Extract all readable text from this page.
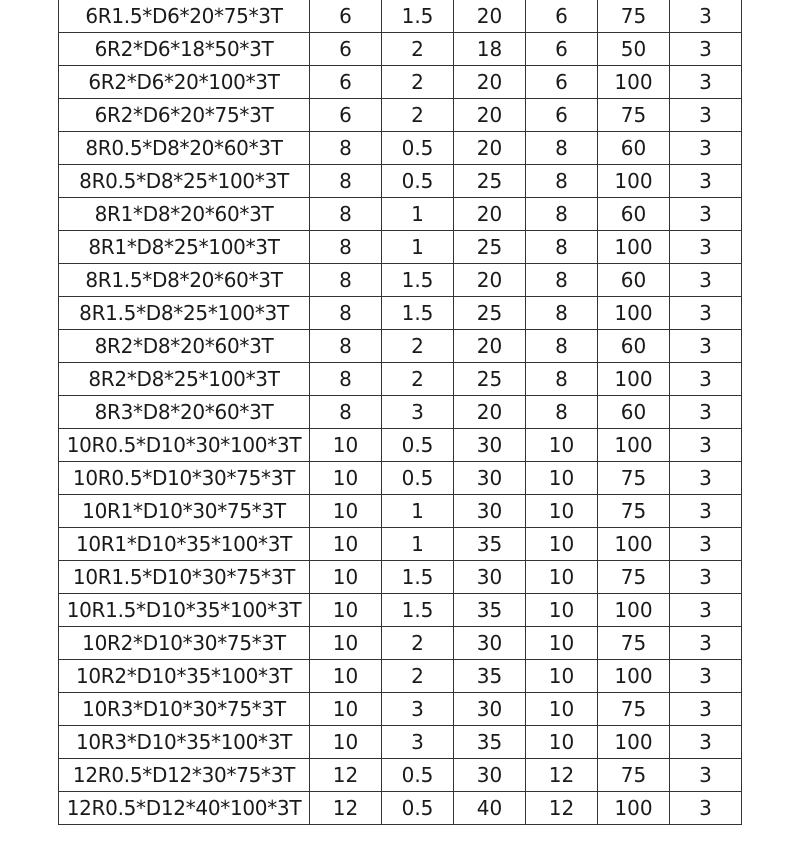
6R1.5*D6*20*75*3T	6	1.5	20	6	75	3
6R2*D6*18*50*3T	6	2	18	6	50	3
6R2*D6*20*100*3T	6	2	20	6	100	3
6R2*D6*20*75*3T	6	2	20	6	75	3
8R0.5*D8*20*60*3T	8	0.5	20	8	60	3
8R0.5*D8*25*100*3T	8	0.5	25	8	100	3
8R1*D8*20*60*3T	8	1	20	8	60	3
8R1*D8*25*100*3T	8	1	25	8	100	3
8R1.5*D8*20*60*3T	8	1.5	20	8	60	3
8R1.5*D8*25*100*3T	8	1.5	25	8	100	3
8R2*D8*20*60*3T	8	2	20	8	60	3
8R2*D8*25*100*3T	8	2	25	8	100	3
8R3*D8*20*60*3T	8	3	20	8	60	3
10R0.5*D10*30*100*3T	10	0.5	30	10	100	3
10R0.5*D10*30*75*3T	10	0.5	30	10	75	3
10R1*D10*30*75*3T	10	1	30	10	75	3
10R1*D10*35*100*3T	10	1	35	10	100	3
10R1.5*D10*30*75*3T	10	1.5	30	10	75	3
10R1.5*D10*35*100*3T	10	1.5	35	10	100	3
10R2*D10*30*75*3T	10	2	30	10	75	3
10R2*D10*35*100*3T	10	2	35	10	100	3
10R3*D10*30*75*3T	10	3	30	10	75	3
10R3*D10*35*100*3T	10	3	35	10	100	3
12R0.5*D12*30*75*3T	12	0.5	30	12	75	3
12R0.5*D12*40*100*3T	12	0.5	40	12	100	3
